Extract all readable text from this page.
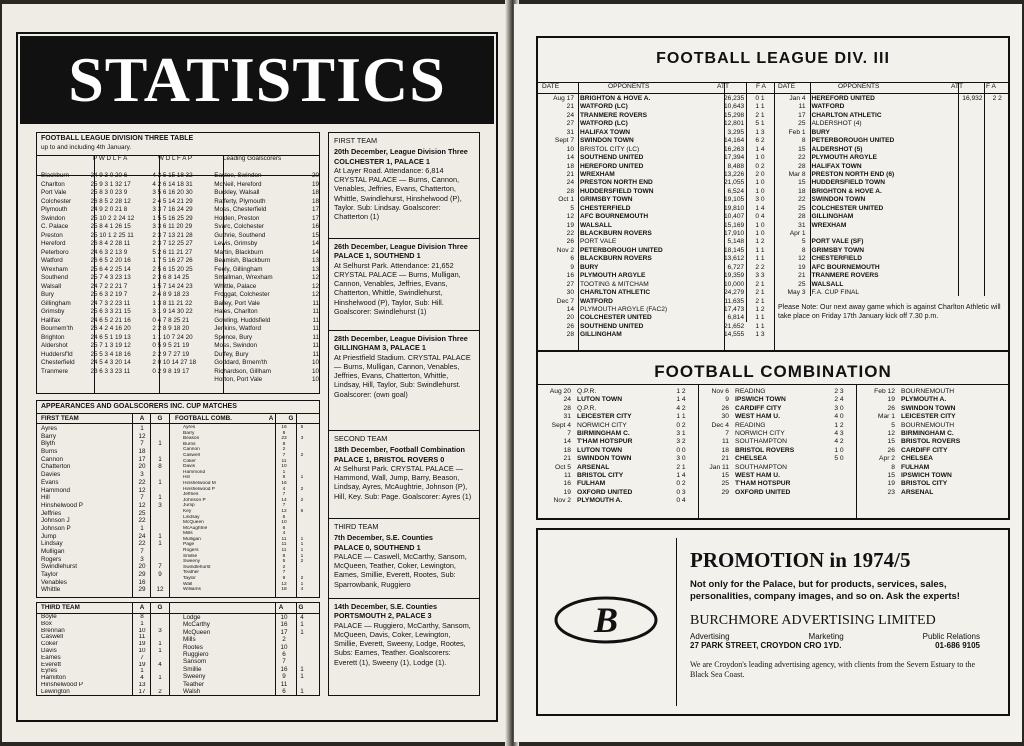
STATISTICS
FOOTBALL LEAGUE DIVISION THREE TABLE
up to and including 4th January.
P W D L F A	W D L F A P	Leading Goalscorers
Blackburn	24 9 3 0 20 6	4 3 5 15 18 32	Eastoe, Swindon	20
Charlton	25 9 3 1 32 17	4 2 6 14 18 31	McNeil, Hereford	19
Port Vale	25 8 3 0 23 9	3 5 6 16 20 30	Buckley, Walsall	18
Colchester	26 8 5 2 28 12	2 4 5 14 21 29	Rafferty, Plymouth	18
Plymouth	24 9 2 0 21 8	3 3 7 16 24 29	Moss, Chesterfield	17
Swindon	25 10 2 2 24 12	1 5 5 16 25 29	Holden, Preston	17
C. Palace	25 8 4 1 26 15	3 3 6 11 20 29	Svarc, Colchester	16
Preston	25 10 1 2 25 11	2 3 7 13 21 28	Guthrie, Southend	15
Hereford	26 8 4 2 28 11	2 3 7 12 25 27	Lewis, Grimsby	14
Peterboro	24 6 3 2 13 9	5 2 6 11 21 27	Martin, Blackburn	14
Watford	26 6 5 2 20 16	1 7 5 16 27 26	Beamish, Blackburn	13
Wrexham	25 6 4 2 25 14	2 5 6 15 20 25	Feely, Gillingham	13
Southend	25 7 4 3 23 13	2 3 6 8 14 25	Smallman, Wrexham	12
Walsall	24 7 2 2 21 7	1 5 7 14 24 23	Whittle, Palace	12
Bury	25 6 3 2 19 7	2 4 8 9 18 23	Froggat, Colchester	12
Gillingham	24 7 3 2 23 11	1 3 8 11 21 22	Bailey, Port Vale	11
Grimsby	25 6 3 3 21 15	3 1 9 14 30 22	Hales, Charlton	11
Halifax	24 6 5 2 21 16	0 4 7 8 25 21	Gowling, Huddsfield	11
Bournem'th	26 4 2 4 16 20	2 2 8 9 18 20	Jenkins, Watford	11
Brighton	24 6 5 1 19 13	1 1 10 7 24 20	Spence, Bury	11
Aldershot	25 7 1 3 19 12	0 5 9 5 21 19	Moss, Swindon	11
Huddersf'ld	25 5 3 4 18 16	2 2 9 7 27 19	Duffey, Bury	11
Chesterfield	24 5 4 3 20 14	2 0 10 14 27 18	Goddard, Brnem'th	10
Tranmere	23 6 3 3 23 11	0 2 9 8 19 17	Richardson, Gillham	10
Horton, Port Vale	10
APPEARANCES AND GOALSCORERS INC. CUP MATCHES
FIRST TEAM	A	G	FOOTBALL COMB.	A	G
Ayres	1
Barry	12
Blyth	7	1
Burns	18
Cannon	17	1
Chatterton	20	8
Davies	3
Evans	22	1
Hammond	12
Hill	7	1
Hinshelwood P	12	3
Jeffries	25
Johnson J	22
Johnson P	1
Jump	24	1
Lindsay	22	1
Mulligan	7
Rogers	3
Swindlehurst	20	7
Taylor	29	9
Venables	16
Whittle	29	12
Ayres	16	5
Barry	8
Beason	23	3
Burns	8
Cannon	2
Caswell	7	2
Coker	11
Davis	10
Hammond	1
Hill	8	1
Hinshelwood M	16
Hinshelwood P	4	2
Jeffries	7
Johnson P	14	2
Jump	7
Key	12	6
Lindsay	5
McQueen	10
McAughtrie	6
Mills	4
Mulligan	11	1
Page	11	1
Rogers	11	1
Smillie	8	1
Sweeny	5	2
Swindlehurst	2
Teather	7
Taylor	9	2
Wall	12	1
Williams	18	4
THIRD TEAM	A	G	A	G
Boyle	8
Box	1
Brennan	10	3
Caswell	11
Coker	19	1
Davis	10	1
Eames	7
Everett	19	4
Eyres	1
Hamilton	4	1
Hinshelwood P	13
Lewington	17	2
Lodge	10	4
McCarthy	16	1
McQueen	17	1
Mills	2
Rootes	10
Ruggiero	6
Sansom	7
Smillie	16	1
Sweeny	9	1
Teather	11
Walsh	6	1
FIRST TEAM
20th December, League Division Three
COLCHESTER 1, PALACE 1

At Layer Road. Attendance: 6,814 CRYSTAL PALACE — Burns, Cannon, Venables, Jeffries, Evans, Chatterton, Whittle, Swindlehurst, Hinshelwood (P), Taylor. Sub: Lindsay. Goalscorer: Chatterton (1)

26th December, League Division Three
PALACE 1, SOUTHEND 1

At Selhurst Park. Attendance: 21,652 CRYSTAL PALACE — Burns, Mulligan, Cannon, Venables, Jeffries, Evans, Chatterton, Whittle, Swindlehurst, Hinshelwood (P), Taylor, Sub: Hill. Goalscorer: Swindlehurst (1)

28th December, League Division Three
GILLINGHAM 3, PALACE 1

At Priestfield Stadium. CRYSTAL PALACE — Burns, Mulligan, Cannon, Venables, Jeffries, Evans, Chatterton, Whittle, Lindsay, Hill, Taylor, Sub: Swindlehurst. Goalscorer: (own goal)

SECOND TEAM
18th December, Football Combination
PALACE 1, BRISTOL ROVERS 0

At Selhurst Park. CRYSTAL PALACE — Hammond, Wall, Jump, Barry, Beason, Lindsay, Ayres, McAughtrie, Johnson (P), Hill, Key. Sub: Page. Goalscorer: Ayres (1)

THIRD TEAM
7th December, S.E. Counties
PALACE 0, SOUTHEND 1

PALACE — Caswell, McCarthy, Sansom, McQueen, Teather, Coker, Lewington, Eames, Smillie, Everett, Rootes, Sub: Sparrowbank, Ruggiero

14th December, S.E. Counties
PORTSMOUTH 2, PALACE 3

PALACE — Ruggiero, McCarthy, Sansom, McQueen, Davis, Coker, Lewington, Smillie, Everett, Sweeny, Lodge, Rootes, Subs: Eames, Teather. Goalscorers: Everett (1), Sweeny (1), Lodge (1).

FOOTBALL LEAGUE DIV. III
DATE	OPPONENTS	ATT	F A	DATE	OPPONENTS	ATT	F A
Aug 17 BRIGHTON & HOVE A.	26,235	0 1
21 WATFORD (LC)	10,643	1 1
24 TRANMERE ROVERS	15,298	2 1
27 WATFORD (LC)	12,801	5 1
31 HALIFAX TOWN	3,295	1 3
Sept 7 SWINDON TOWN	14,164	6 2
10 BRISTOL CITY (LC)	16,263	1 4
14 SOUTHEND UNITED	17,394	1 0
18 HEREFORD UNITED	8,488	0 2
21 WREXHAM	13,226	2 0
24 PRESTON NORTH END	21,055	1 0
28 HUDDERSFIELD TOWN	6,524	1 0
Oct 1 GRIMSBY TOWN	19,105	3 0
5 CHESTERFIELD	19,810	1 4
12 AFC BOURNEMOUTH	10,407	0 4
19 WALSALL	15,169	1 0
22 BLACKBURN ROVERS	17,910	1 0
26 PORT VALE	5,148	1 2
Nov 2 PETERBOROUGH UNITED	18,145	1 1
6 BLACKBURN ROVERS	13,612	1 1
9 BURY	6,727	2 2
16 PLYMOUTH ARGYLE	19,359	3 3
27 TOOTING & MITCHAM	10,000	2 1
30 CHARLTON ATHLETIC	24,279	2 1
Dec 7 WATFORD	11,635	2 1
14 PLYMOUTH ARGYLE (FAC2)	17,473	1 2
20 COLCHESTER UNITED	6,814	1 1
26 SOUTHEND UNITED	21,652	1 1
28 GILLINGHAM	14,555	1 3
Jan 4 HEREFORD UNITED	16,932	2 2
11 WATFORD
17 CHARLTON ATHLETIC
25 ALDERSHOT (4)
Feb 1 BURY
8 PETERBOROUGH UNITED
15 ALDERSHOT (5)
22 PLYMOUTH ARGYLE
28 HALIFAX TOWN
Mar 8 PRESTON NORTH END (6)
15 HUDDERSFIELD TOWN
18 BRIGHTON & HOVE A.
22 SWINDON TOWN
25 COLCHESTER UNITED
28 GILLINGHAM
31 WREXHAM
Apr 1
5 PORT VALE (SF)
8 GRIMSBY TOWN
12 CHESTERFIELD
19 AFC BOURNEMOUTH
21 TRANMERE ROVERS
25 WALSALL
May 3 F.A. CUP FINAL
Please Note: Our next away game which is against Charlton Athletic will take place on Friday 17th January kick off 7.30 p.m.
FOOTBALL COMBINATION
Aug 20 Q.P.R.	1 2
24 LUTON TOWN	1 4
28 Q.P.R.	4 2
31 LEICESTER CITY	1 1
Sept 4 NORWICH CITY	0 2
7 BIRMINGHAM C.	3 1
14 T'HAM HOTSPUR	3 2
18 LUTON TOWN	0 0
21 SWINDON TOWN	3 0
Oct 5 ARSENAL	2 1
11 BRISTOL CITY	1 4
16 FULHAM	0 2
19 OXFORD UNITED	0 3
Nov 2 PLYMOUTH A.	0 4
Nov 6 READING	2 3
9 IPSWICH TOWN	2 4
26 CARDIFF CITY	3 0
30 WEST HAM U.	4 0
Dec 4 READING	1 2
7 NORWICH CITY	4 3
11 SOUTHAMPTON	4 2
18 BRISTOL ROVERS	1 0
21 CHELSEA	5 0
Jan 11 SOUTHAMPTON
15 WEST HAM U.
25 T'HAM HOTSPUR
29 OXFORD UNITED
Feb 12 BOURNEMOUTH
19 PLYMOUTH A.
26 SWINDON TOWN
Mar 1 LEICESTER CITY
5 BOURNEMOUTH
12 BIRMINGHAM C.
15 BRISTOL ROVERS
26 CARDIFF CITY
Apr 2 CHELSEA
8 FULHAM
15 IPSWICH TOWN
19 BRISTOL CITY
23 ARSENAL
B
PROMOTION in 1974/5
Not only for the Palace, but for products, services, sales, personalities, company images, and so on. Ask the experts!
BURCHMORE ADVERTISING LIMITED
Advertising	Marketing	Public Relations
27 PARK STREET, CROYDON CRO 1YD.	01-686 9105
We are Croydon's leading advertising agency, with clients from the Severn Estuary to the Black Sea Coast.
